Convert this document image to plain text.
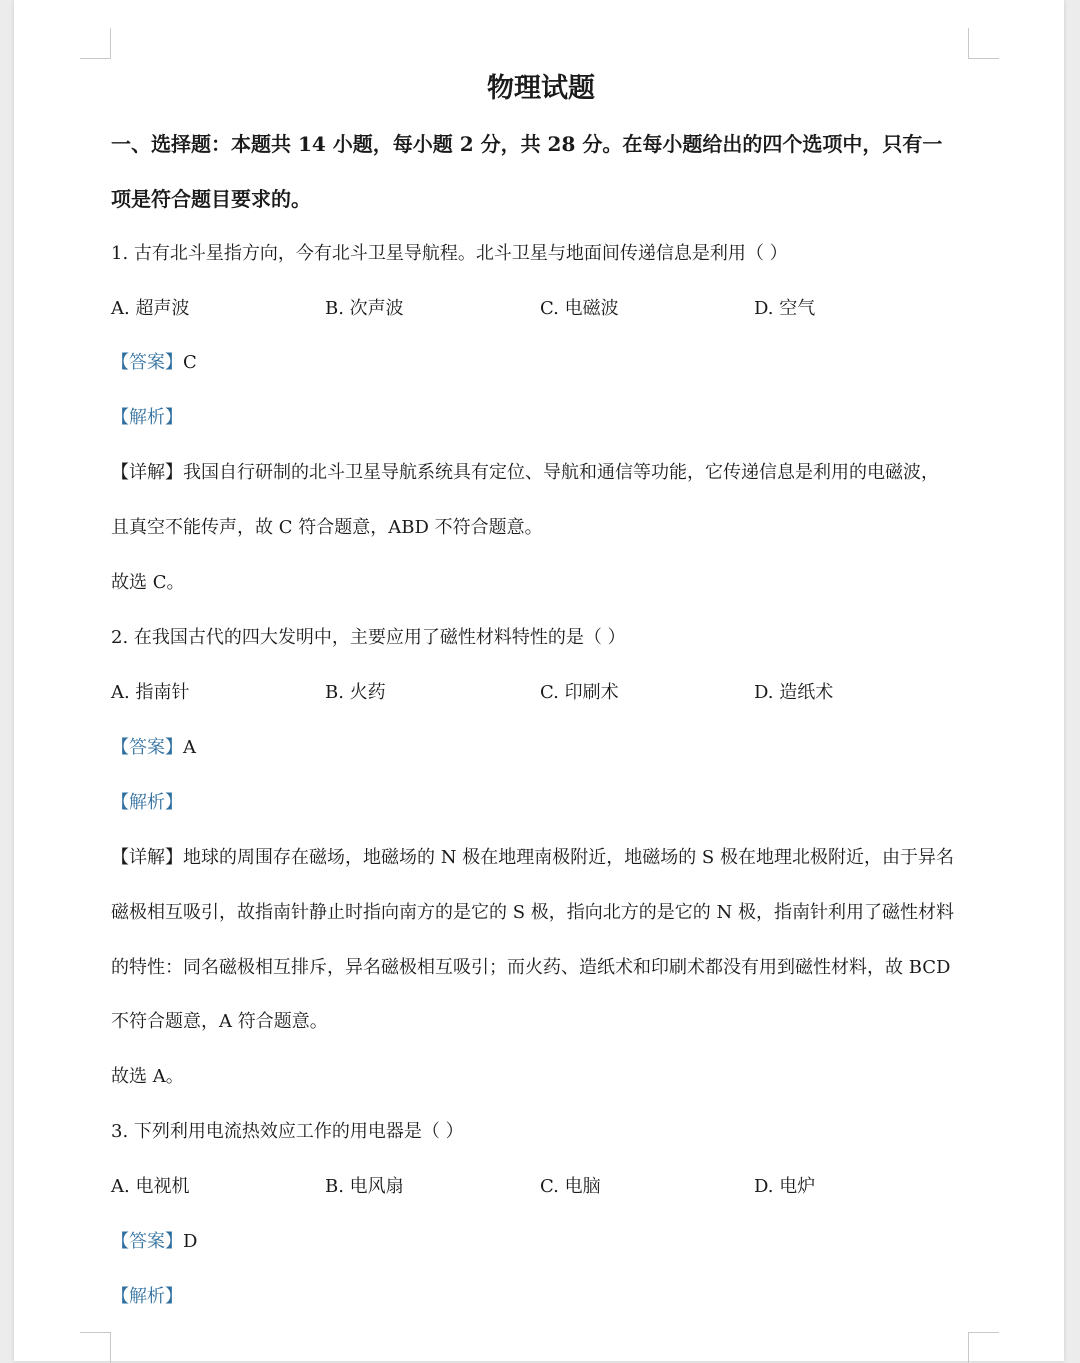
物理试题
一、选择题：本题共 14 小题，每小题 2 分，共 28 分。在每小题给出的四个选项中，只有一
项是符合题目要求的。
1. 古有北斗星指方向，今有北斗卫星导航程。北斗卫星与地面间传递信息是利用（ ）
A. 超声波	B. 次声波	C. 电磁波	D. 空气
【答案】C
【解析】
【详解】我国自行研制的北斗卫星导航系统具有定位、导航和通信等功能，它传递信息是利用的电磁波，
且真空不能传声，故 C 符合题意，ABD 不符合题意。
故选 C。
2. 在我国古代的四大发明中，主要应用了磁性材料特性的是（ ）
A. 指南针	B. 火药	C. 印刷术	D. 造纸术
【答案】A
【解析】
【详解】地球的周围存在磁场，地磁场的 N 极在地理南极附近，地磁场的 S 极在地理北极附近，由于异名
磁极相互吸引，故指南针静止时指向南方的是它的 S 极，指向北方的是它的 N 极，指南针利用了磁性材料
的特性：同名磁极相互排斥，异名磁极相互吸引；而火药、造纸术和印刷术都没有用到磁性材料，故 BCD
不符合题意，A 符合题意。
故选 A。
3. 下列利用电流热效应工作的用电器是（ ）
A. 电视机	B. 电风扇	C. 电脑	D. 电炉
【答案】D
【解析】
